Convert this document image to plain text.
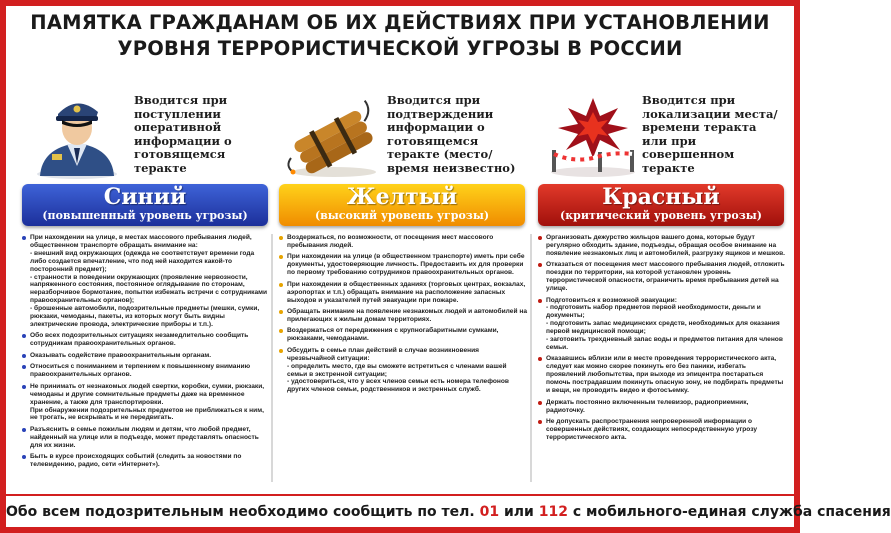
ПАМЯТКА ГРАЖДАНАМ ОБ ИХ ДЕЙСТВИЯХ ПРИ УСТАНОВЛЕНИИ
УРОВНЯ ТЕРРОРИСТИЧЕСКОЙ УГРОЗЫ В РОССИИ
Вводится при поступлении оперативной информации о готовящемся теракте
Синий
(повышенный уровень угрозы)
При нахождении на улице, в местах массового пребывания людей, общественном транспорте обращать внимание на:
- внешний вид окружающих (одежда не соответствует времени года либо создается впечатление, что под ней находится какой-то посторонний предмет);
- странности в поведении окружающих (проявление нервозности, напряженного состояния, постоянное оглядывание по сторонам, неразборчивое бормотание, попытки избежать встречи с сотрудниками правоохранительных органов);
- брошенные автомобили, подозрительные предметы (мешки, сумки, рюкзаки, чемоданы, пакеты, из которых могут быть видны электрические провода, электрические приборы и т.п.).
Обо всех подозрительных ситуациях незамедлительно сообщить сотрудникам правоохранительных органов.
Оказывать содействие правоохранительным органам.
Относиться с пониманием и терпением к повышенному вниманию правоохранительных органов.
Не принимать от незнакомых людей свертки, коробки, сумки, рюкзаки, чемоданы и другие сомнительные предметы даже на временное хранение, а также для транспортировки.
При обнаружении подозрительных предметов не приближаться к ним, не трогать, не вскрывать и не передвигать.
Разъяснить в семье пожилым людям и детям, что любой предмет, найденный на улице или в подъезде, может представлять опасность для их жизни.
Быть в курсе происходящих событий (следить за новостями по телевидению, радио, сети «Интернет»).
Вводится при подтверждении информации о готовящемся теракте (место/время неизвестно)
Желтый
(высокий уровень угрозы)
Воздержаться, по возможности, от посещения мест массового пребывания людей.
При нахождении на улице (в общественном транспорте) иметь при себе документы, удостоверяющие личность. Предоставить их для проверки по первому требованию сотрудников правоохранительных органов.
При нахождении в общественных зданиях (торговых центрах, вокзалах, аэропортах и т.п.) обращать внимание на расположение запасных выходов и указателей путей эвакуации при пожаре.
Обращать внимание на появление незнакомых людей и автомобилей на прилегающих к жилым домам территориях.
Воздержаться от передвижения с крупногабаритными сумками, рюкзаками, чемоданами.
Обсудить в семье план действий в случае возникновения чрезвычайной ситуации:
- определить место, где вы сможете встретиться с членами вашей семьи в экстренной ситуации;
- удостовериться, что у всех членов семьи есть номера телефонов других членов семьи, родственников и экстренных служб.
Вводится при локализации места/времени теракта или при совершенном теракте
Красный
(критический уровень угрозы)
Организовать дежурство жильцов вашего дома, которые будут регулярно обходить здание, подъезды, обращая особое внимание на появление незнакомых лиц и автомобилей, разгрузку ящиков и мешков.
Отказаться от посещения мест массового пребывания людей, отложить поездки по территории, на которой установлен уровень террористической опасности, ограничить время пребывания детей на улице.
Подготовиться к возможной эвакуации:
- подготовить набор предметов первой необходимости, деньги и документы;
- подготовить запас медицинских средств, необходимых для оказания первой медицинской помощи;
- заготовить трехдневный запас воды и предметов питания для членов семьи.
Оказавшись вблизи или в месте проведения террористического акта, следует как можно скорее покинуть его без паники, избегать проявлений любопытства, при выходе из эпицентра постараться помочь пострадавшим покинуть опасную зону, не подбирать предметы и вещи, не проводить видео и фотосъемку.
Держать постоянно включенным телевизор, радиоприемник, радиоточку.
Не допускать распространения непроверенной информации о совершенных действиях, создающих непосредственную угрозу террористического акта.
Обо всем подозрительным необходимо сообщить по тел. 01 или 112 с мобильного-единая служба спасения
